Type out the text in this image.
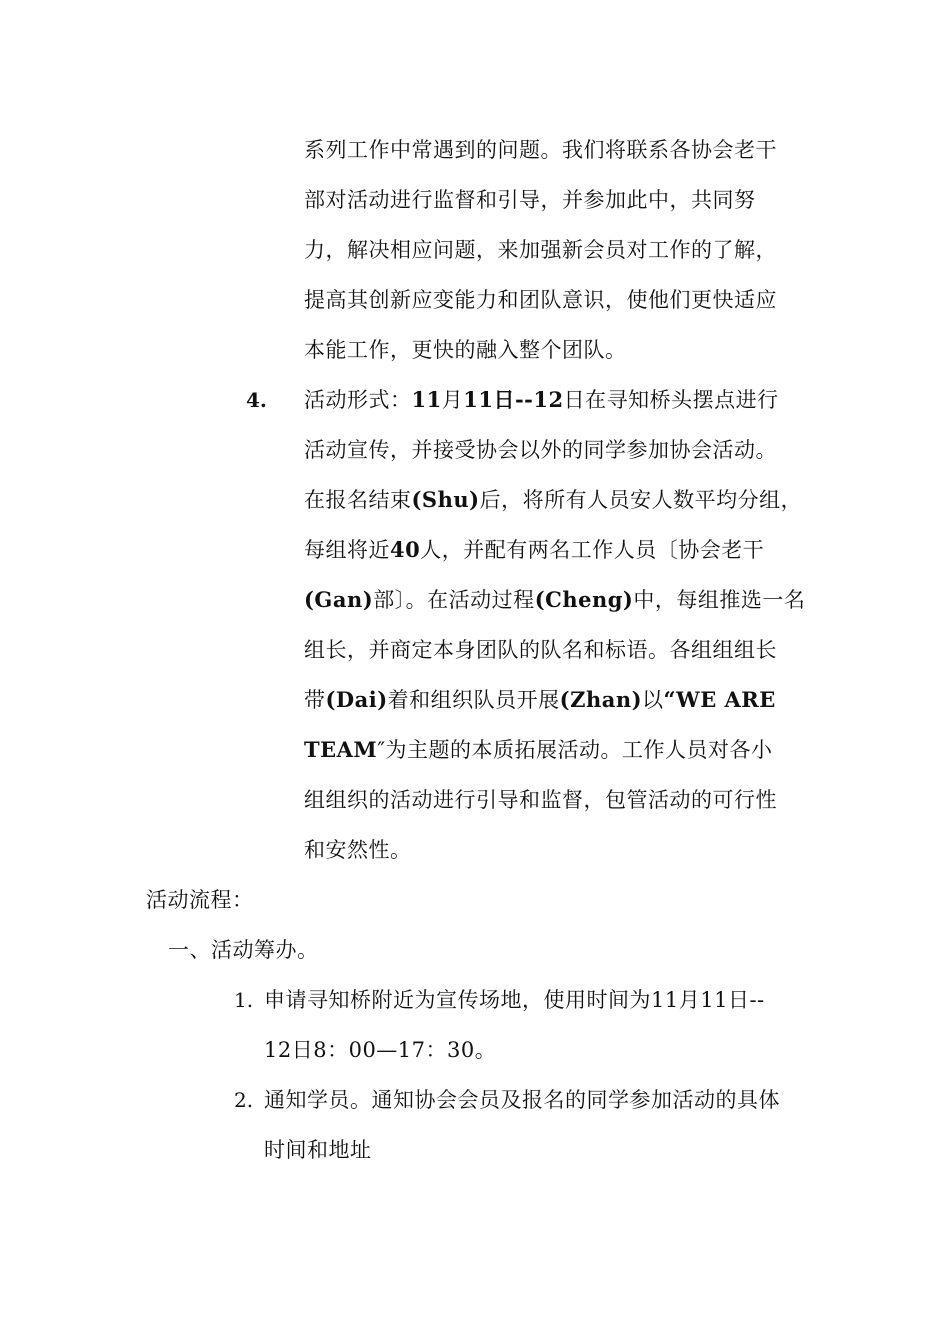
系列工作中常遇到的问题。我们将联系各协会老干
部对活动进行监督和引导，并参加此中，共同努
力，解决相应问题，来加强新会员对工作的了解，
提高其创新应变能力和团队意识，使他们更快适应
本能工作，更快的融入整个团队。
4. 活动形式：11月11日--12日在寻知桥头摆点进行
活动宣传，并接受协会以外的同学参加协会活动。
在报名结束(Shu)后，将所有人员安人数平均分组，
每组将近40人，并配有两名工作人员〔协会老干
(Gan)部〕。在活动过程(Cheng)中，每组推选一名
组长，并商定本身团队的队名和标语。各组组组长
带(Dai)着和组织队员开展(Zhan)以“WE ARE
TEAM″为主题的本质拓展活动。工作人员对各小
组组织的活动进行引导和监督，包管活动的可行性
和安然性。
活动流程：
一、活动筹办。
1. 申请寻知桥附近为宣传场地，使用时间为11月11日--
12日8：00—17：30。
2. 通知学员。通知协会会员及报名的同学参加活动的具体
时间和地址
